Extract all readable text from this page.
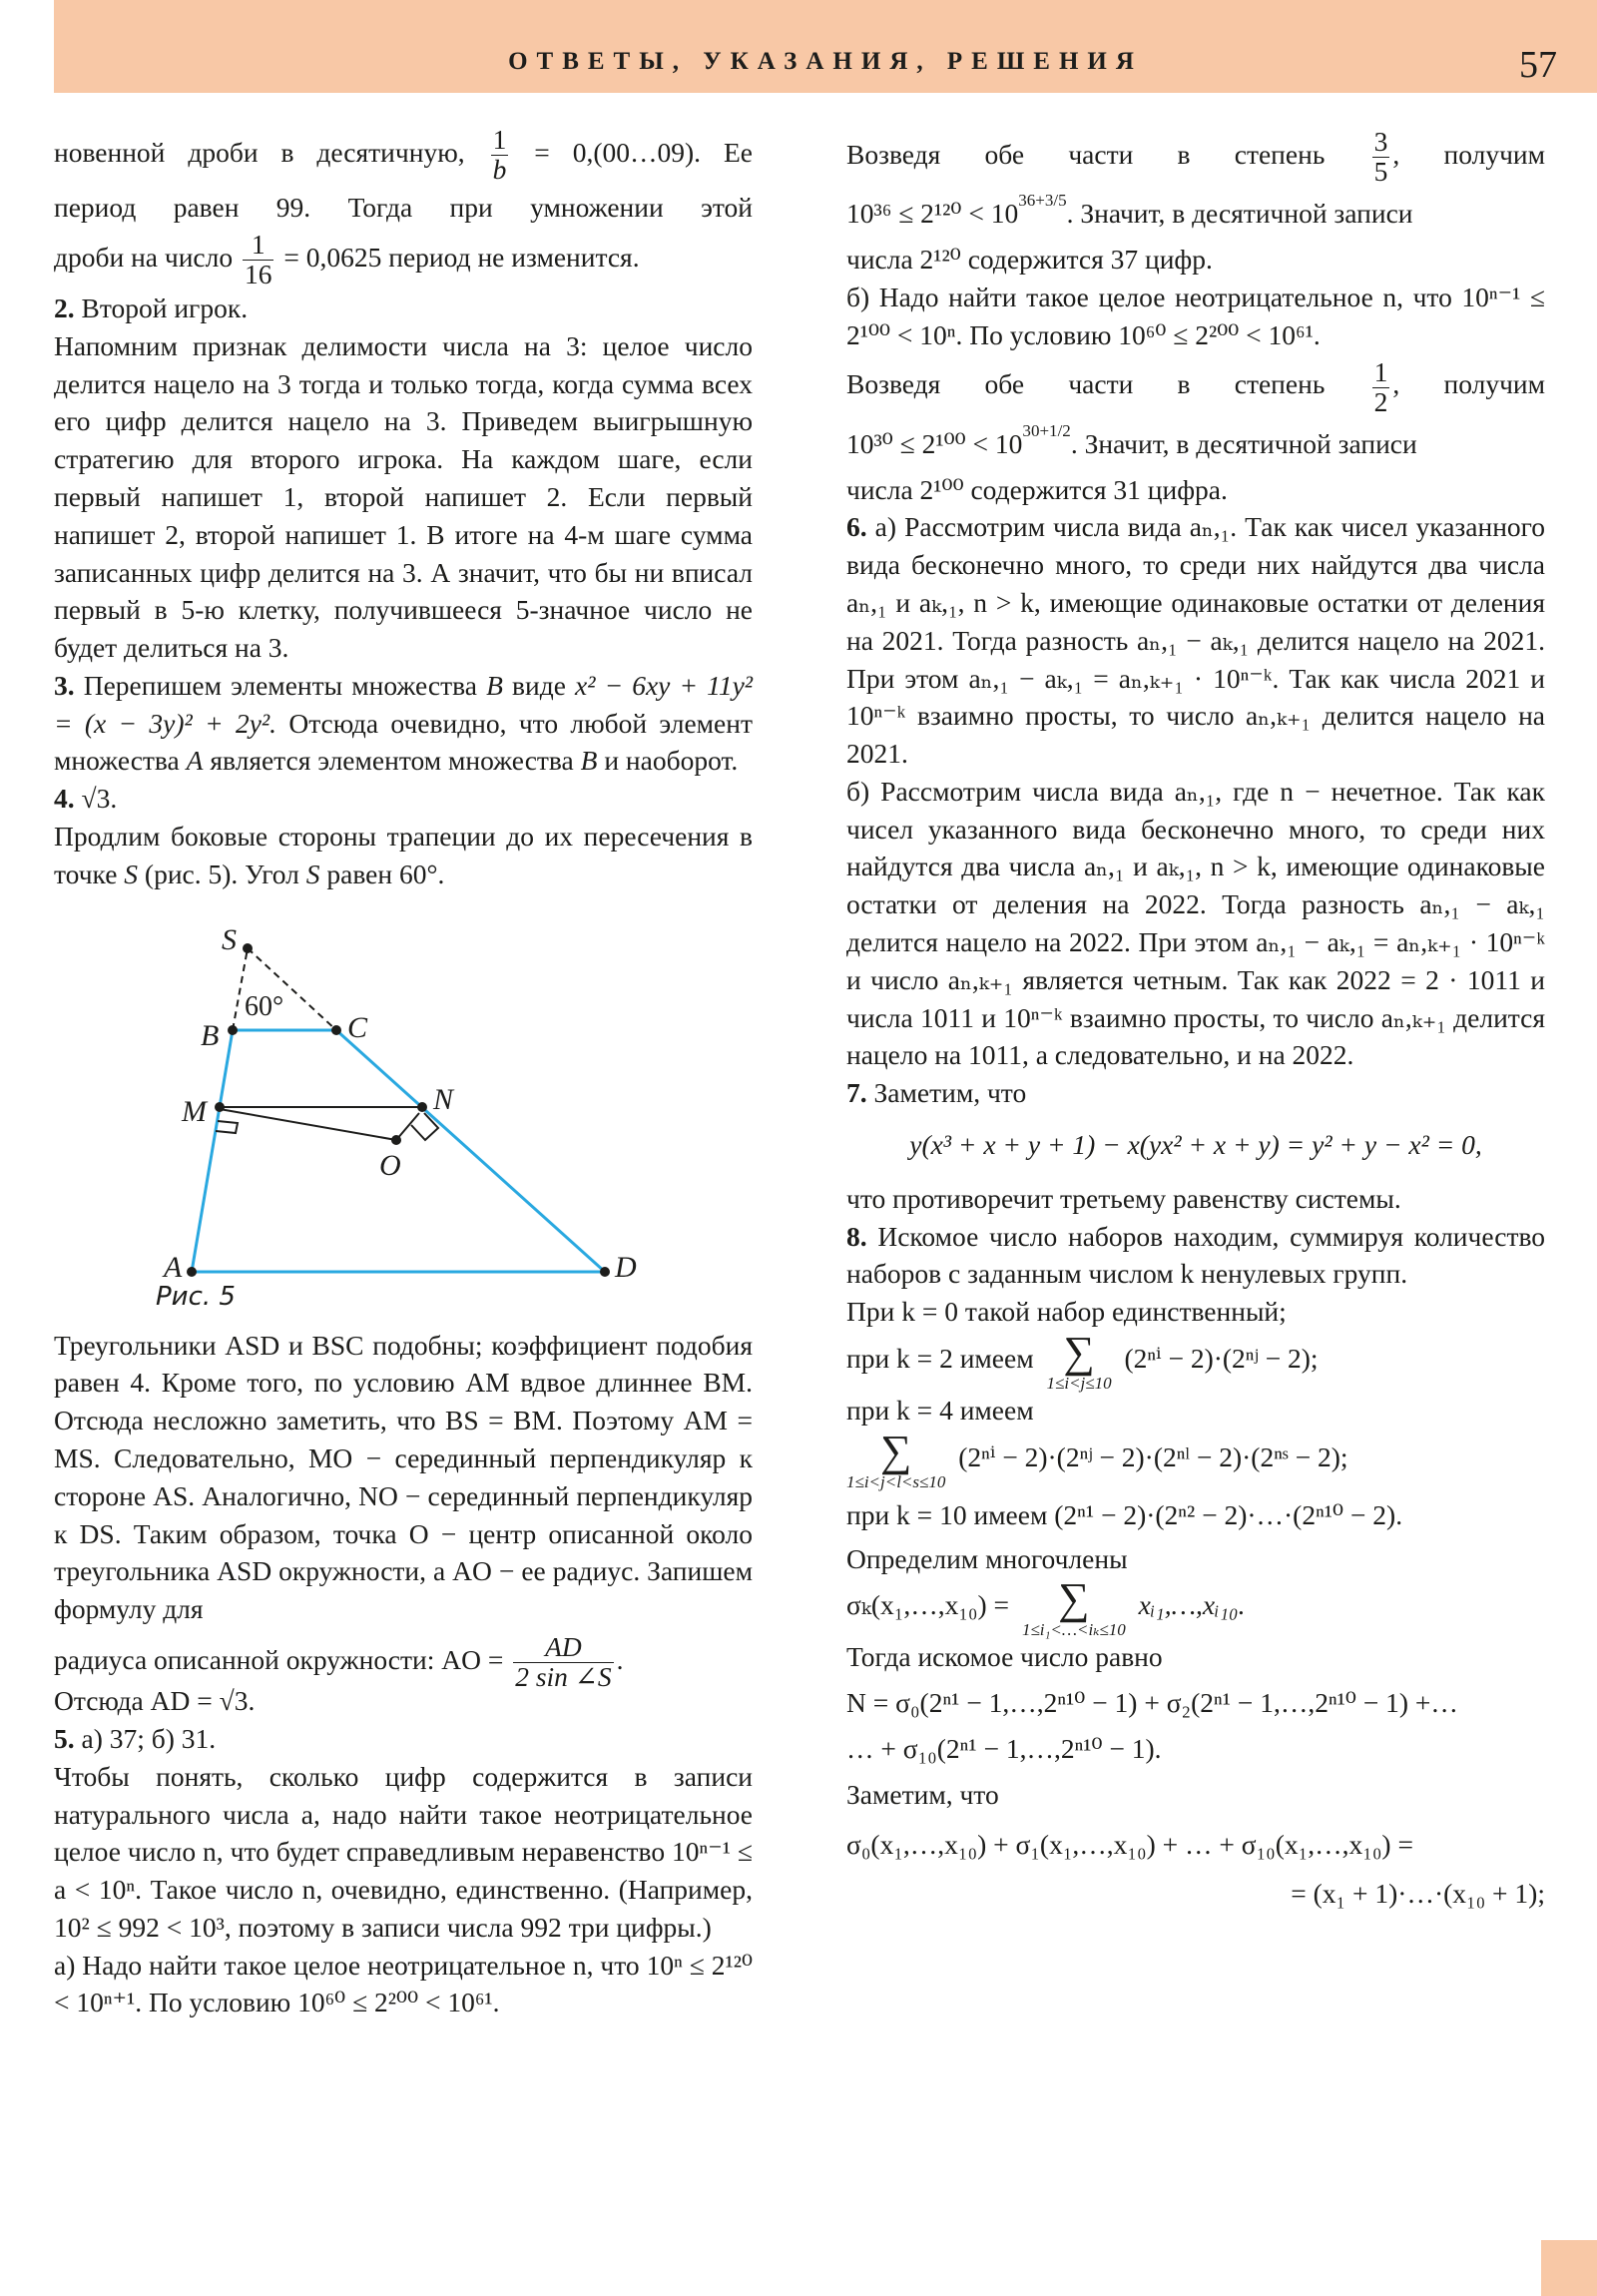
ОТВЕТЫ, УКАЗАНИЯ, РЕШЕНИЯ	57

новенной дроби в десятичную, $\frac{1}{b}$ = 0,(00…09). Ее

период равен 99. Тогда при умножении этой

дроби на число $\frac{1}{16} = 0,0625$ период не изменится.

2. Второй игрок.

Напомним признак делимости числа на 3: целое число делится нацело на 3 тогда и только тогда, когда сумма всех его цифр делится нацело на 3. Приведем выигрышную стратегию для второго игрока. На каждом шаге, если первый напишет 1, второй напишет 2. Если первый напишет 2, второй напишет 1. В итоге на 4-м шаге сумма записанных цифр делится на 3. А значит, что бы ни вписал первый в 5-ю клетку, получившееся 5-значное число не будет делиться на 3.

3. Перепишем элементы множества B виде x² − 6xy + 11y² = (x − 3y)² + 2y². Отсюда очевидно, что любой элемент множества A является элементом множества B и наоборот.

4. √3.

Продлим боковые стороны трапеции до их пересечения в точке S (рис. 5). Угол S равен 60°.

S
B	C
M	N
O
A	D
60°
Рис. 5

Треугольники ASD и BSC подобны; коэффициент подобия равен 4. Кроме того, по условию AM вдвое длиннее BM. Отсюда несложно заметить, что BS = BM. Поэтому AM = MS. Следовательно, MO − серединный перпендикуляр к стороне AS. Аналогично, NO − серединный перпендикуляр к DS. Таким образом, точка O − центр описанной около треугольника ASD окружности, а AO − ее радиус. Запишем формулу для

радиуса описанной окружности: AO = $\frac{AD}{2 \sin \angle S}$ .

Отсюда AD = √3.

5. а) 37; б) 31.

Чтобы понять, сколько цифр содержится в записи натурального числа a, надо найти такое неотрицательное целое число n, что будет справедливым неравенство 10ⁿ⁻¹ ≤ a < 10ⁿ. Такое число n, очевидно, единственно. (Например, 10² ≤ 992 < 10³, поэтому в записи числа 992 три цифры.)

а) Надо найти такое целое неотрицательное n, что 10ⁿ ≤ 2¹²⁰ < 10ⁿ⁺¹. По условию 10⁶⁰ ≤ 2²⁰⁰ < 10⁶¹.

Возведя обе части в степень $\frac{3}{5}$ , получим

$10^{36} \le 2^{120} < 10^{36+3/5}$. Значит, в десятичной записи

числа 2¹²⁰ содержится 37 цифр.

б) Надо найти такое целое неотрицательное n, что 10ⁿ⁻¹ ≤ 2¹⁰⁰ < 10ⁿ. По условию 10⁶⁰ ≤ 2²⁰⁰ < 10⁶¹.

Возведя обе части в степень $\frac{1}{2}$ , получим

$10^{30} \le 2^{100} < 10^{30+1/2}$. Значит, в десятичной записи

числа 2¹⁰⁰ содержится 31 цифра.

6. а) Рассмотрим числа вида aₙ,₁. Так как чисел указанного вида бесконечно много, то среди них найдутся два числа aₙ,₁ и aₖ,₁, n > k, имеющие одинаковые остатки от деления на 2021. Тогда разность aₙ,₁ − aₖ,₁ делится нацело на 2021. При этом aₙ,₁ − aₖ,₁ = aₙ,ₖ₊₁ · 10ⁿ⁻ᵏ. Так как числа 2021 и 10ⁿ⁻ᵏ взаимно просты, то число aₙ,ₖ₊₁ делится нацело на 2021.

б) Рассмотрим числа вида aₙ,₁, где n − нечетное. Так как чисел указанного вида бесконечно много, то среди них найдутся два числа aₙ,₁ и aₖ,₁, n > k, имеющие одинаковые остатки от деления на 2022. Тогда разность aₙ,₁ − aₖ,₁ делится нацело на 2022. При этом aₙ,₁ − aₖ,₁ = aₙ,ₖ₊₁ · 10ⁿ⁻ᵏ и число aₙ,ₖ₊₁ является четным. Так как 2022 = 2 · 1011 и числа 1011 и 10ⁿ⁻ᵏ взаимно просты, то число aₙ,ₖ₊₁ делится нацело на 1011, а следовательно, и на 2022.

7. Заметим, что

y(x³ + x + y + 1) − x(yx² + x + y) = y² + y − x² = 0,

что противоречит третьему равенству системы.

8. Искомое число наборов находим, суммируя количество наборов с заданным числом k ненулевых групп.

При k = 0 такой набор единственный;

при k = 2 имеем ∑
1≤i<j≤10
(2ⁿⁱ − 2)·(2ⁿʲ − 2);

при k = 4 имеем

∑
1≤i<j<l<s≤10
(2ⁿⁱ − 2)·(2ⁿʲ − 2)·(2ⁿˡ − 2)·(2ⁿˢ − 2);

при k = 10 имеем (2ⁿ¹ − 2)·(2ⁿ² − 2)·…·(2ⁿ¹⁰ − 2).

Определим многочлены

σₖ(x₁,…,x₁₀) =	∑
1≤i₁<…<iₖ≤10
xᵢ₁,…,xᵢ₁₀.

Тогда искомое число равно

N = σ₀(2ⁿ¹ − 1,…,2ⁿ¹⁰ − 1) + σ₂(2ⁿ¹ − 1,…,2ⁿ¹⁰ − 1) +…

… + σ₁₀(2ⁿ¹ − 1,…,2ⁿ¹⁰ − 1).

Заметим, что

σ₀(x₁,…,x₁₀) + σ₁(x₁,…,x₁₀) + … + σ₁₀(x₁,…,x₁₀) =

= (x₁ + 1)·…·(x₁₀ + 1);
